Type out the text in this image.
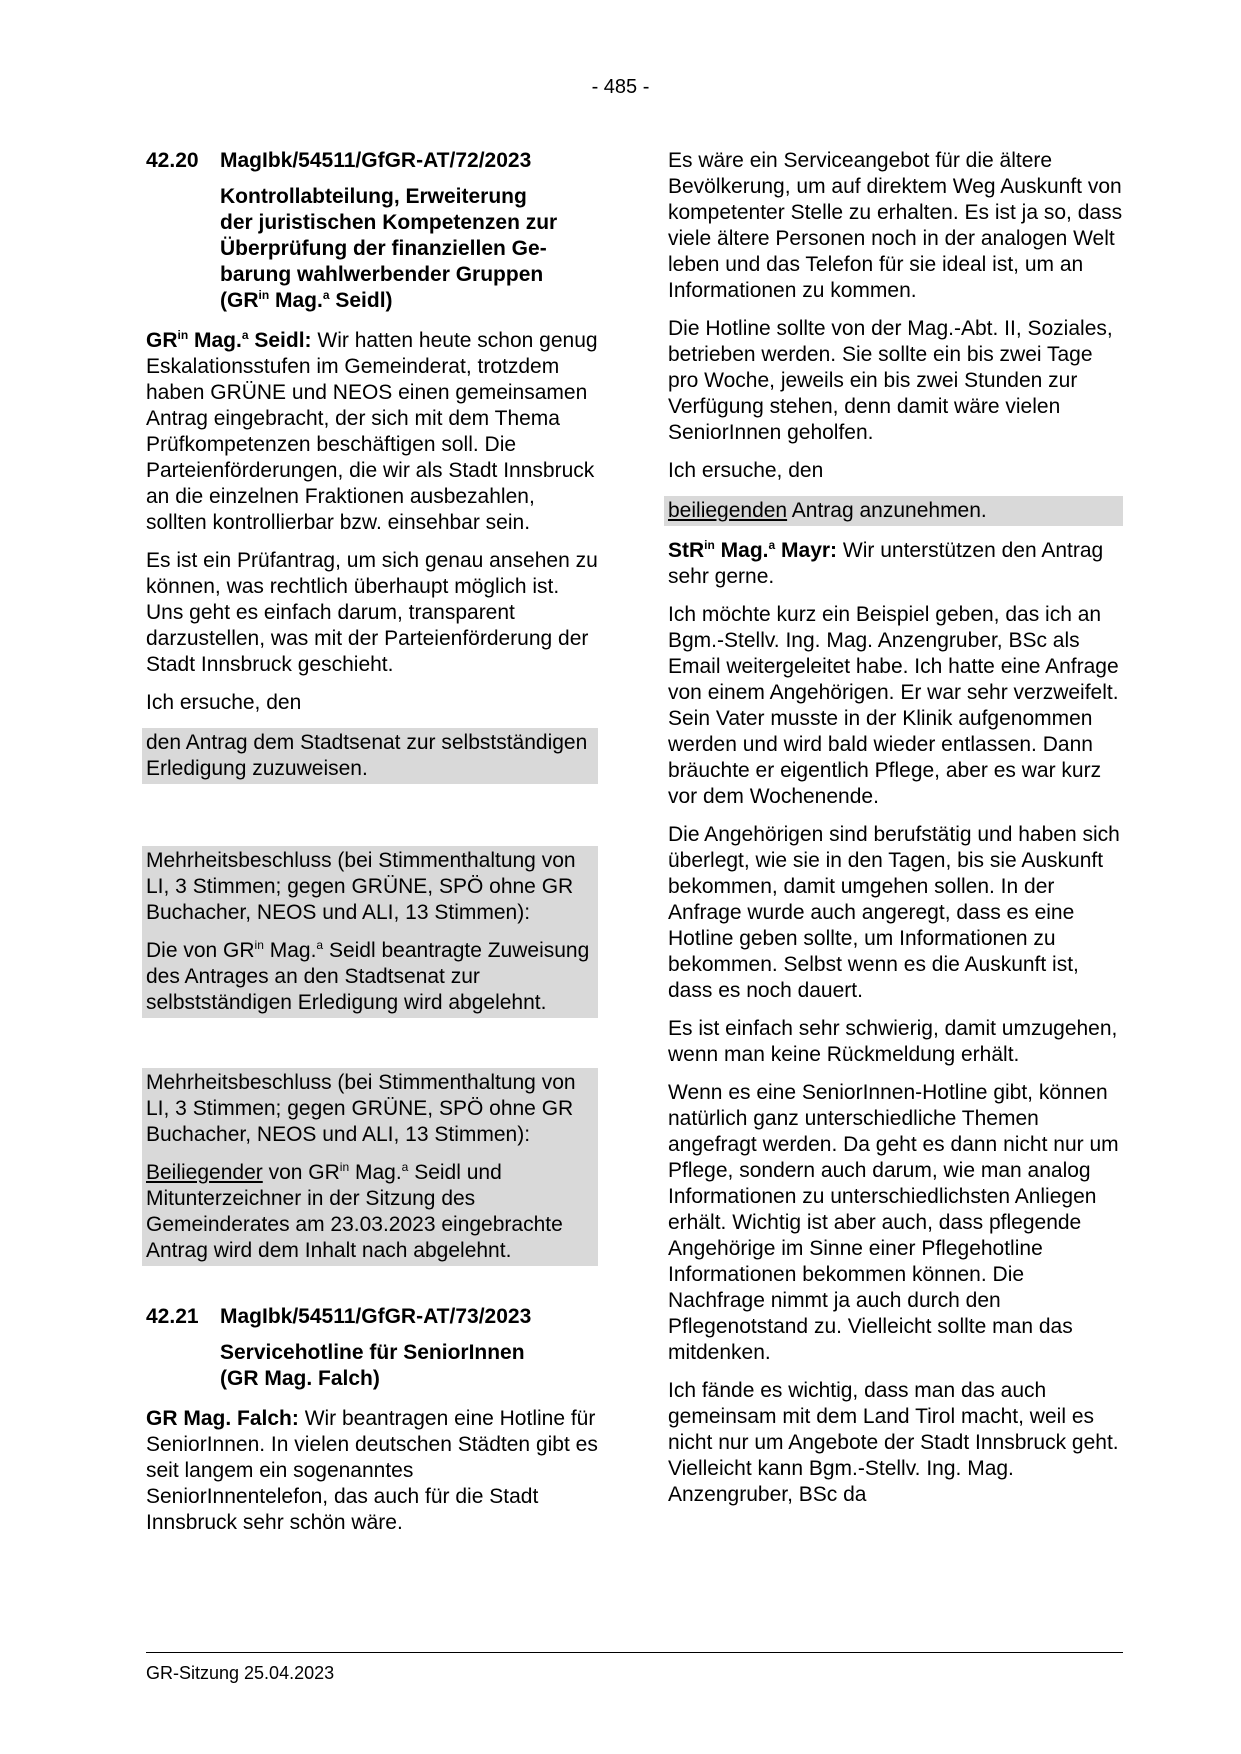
- 485 -
42.20	MagIbk/54511/GfGR-AT/72/2023
Kontrollabteilung, Erweiterung
der juristischen Kompetenzen zur
Überprüfung der finanziellen Ge-
barung wahlwerbender Gruppen
($GR^{in}$ Mag.$^a$ Seidl)

$GR^{in}$ Mag.$^a$ Seidl: Wir hatten heute schon genug Eskalationsstufen im Gemeinderat, trotzdem haben GRÜNE und NEOS einen gemeinsamen Antrag eingebracht, der sich mit dem Thema Prüfkompetenzen beschäftigen soll. Die Parteienförderungen, die wir als Stadt Innsbruck an die einzelnen Fraktionen ausbezahlen, sollten kontrollierbar bzw. einsehbar sein.

Es ist ein Prüfantrag, um sich genau ansehen zu können, was rechtlich überhaupt möglich ist. Uns geht es einfach darum, transparent darzustellen, was mit der Parteienförderung der Stadt Innsbruck geschieht.

Ich ersuche, den

den Antrag dem Stadtsenat zur selbstständigen Erledigung zuzuweisen.

Mehrheitsbeschluss (bei Stimmenthaltung von LI, 3 Stimmen; gegen GRÜNE, SPÖ ohne GR Buchacher, NEOS und ALI, 13 Stimmen):

Die von $GR^{in}$ Mag.$^a$ Seidl beantragte Zuweisung des Antrages an den Stadtsenat zur selbstständigen Erledigung wird abgelehnt.

Mehrheitsbeschluss (bei Stimmenthaltung von LI, 3 Stimmen; gegen GRÜNE, SPÖ ohne GR Buchacher, NEOS und ALI, 13 Stimmen):

Beiliegender von $GR^{in}$ Mag.$^a$ Seidl und Mitunterzeichner in der Sitzung des Gemeinderates am 23.03.2023 eingebrachte Antrag wird dem Inhalt nach abgelehnt.

42.21	MagIbk/54511/GfGR-AT/73/2023
Servicehotline für SeniorInnen
(GR Mag. Falch)

GR Mag. Falch: Wir beantragen eine Hotline für SeniorInnen. In vielen deutschen Städten gibt es seit langem ein sogenanntes SeniorInnentelefon, das auch für die Stadt Innsbruck sehr schön wäre.

Es wäre ein Serviceangebot für die ältere Bevölkerung, um auf direktem Weg Auskunft von kompetenter Stelle zu erhalten. Es ist ja so, dass viele ältere Personen noch in der analogen Welt leben und das Telefon für sie ideal ist, um an Informationen zu kommen.

Die Hotline sollte von der Mag.-Abt. II, Soziales, betrieben werden. Sie sollte ein bis zwei Tage pro Woche, jeweils ein bis zwei Stunden zur Verfügung stehen, denn damit wäre vielen SeniorInnen geholfen.

Ich ersuche, den

beiliegenden Antrag anzunehmen.

StR$^{in}$ Mag.$^a$ Mayr: Wir unterstützen den Antrag sehr gerne.

Ich möchte kurz ein Beispiel geben, das ich an Bgm.-Stellv. Ing. Mag. Anzengruber, BSc als Email weitergeleitet habe. Ich hatte eine Anfrage von einem Angehörigen. Er war sehr verzweifelt. Sein Vater musste in der Klinik aufgenommen werden und wird bald wieder entlassen. Dann bräuchte er eigentlich Pflege, aber es war kurz vor dem Wochenende.

Die Angehörigen sind berufstätig und haben sich überlegt, wie sie in den Tagen, bis sie Auskunft bekommen, damit umgehen sollen. In der Anfrage wurde auch angeregt, dass es eine Hotline geben sollte, um Informationen zu bekommen. Selbst wenn es die Auskunft ist, dass es noch dauert.

Es ist einfach sehr schwierig, damit umzugehen, wenn man keine Rückmeldung erhält.

Wenn es eine SeniorInnen-Hotline gibt, können natürlich ganz unterschiedliche Themen angefragt werden. Da geht es dann nicht nur um Pflege, sondern auch darum, wie man analog Informationen zu unterschiedlichsten Anliegen erhält. Wichtig ist aber auch, dass pflegende Angehörige im Sinne einer Pflegehotline Informationen bekommen können. Die Nachfrage nimmt ja auch durch den Pflegenotstand zu. Vielleicht sollte man das mitdenken.

Ich fände es wichtig, dass man das auch gemeinsam mit dem Land Tirol macht, weil es nicht nur um Angebote der Stadt Innsbruck geht. Vielleicht kann Bgm.-Stellv. Ing. Mag. Anzengruber, BSc da

GR-Sitzung 25.04.2023
